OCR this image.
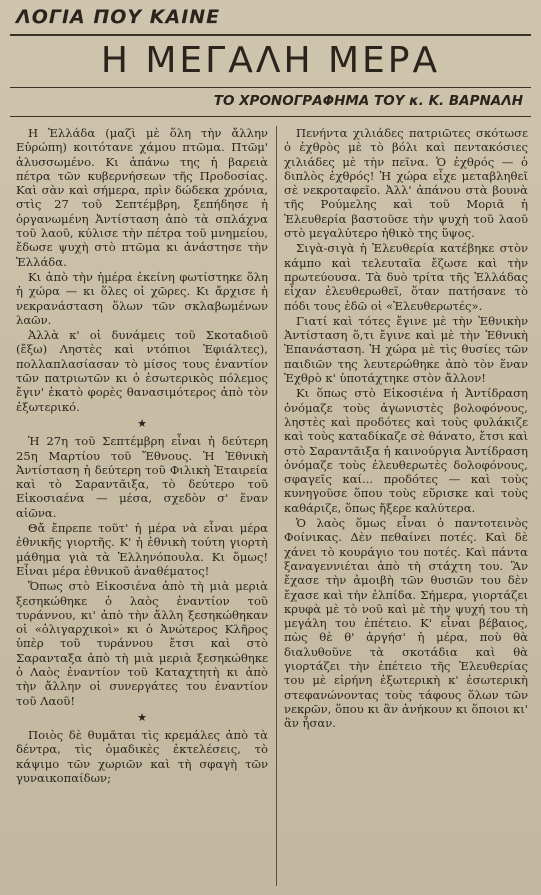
ΛΟΓΙΑ ΠΟΥ ΚΑΙΝΕ
Η ΜΕΓΑΛΗ ΜΕΡΑ
ΤΟ ΧΡΟΝΟΓΡΑΦΗΜΑ ΤΟΥ κ. Κ. ΒΑΡΝΑΛΗ

Η Ἑλλάδα (μαζὶ μὲ ὅλη τὴν ἄλλην Εὐρώπη) κοιτότανε χάμου πτῶμα. Πτῶμ' ἀλυσσωμένο. Κι ἀπάνω της ἡ βαρειὰ πέτρα τῶν κυβερνήσεων τῆς Προδοσίας. Καὶ σὰν καὶ σήμερα, πρὶν δώδεκα χρόνια, στὶς 27 τοῦ Σεπτέμβρη, ξεπήδησε ἡ ὀργανωμένη Ἀντίσταση ἀπὸ τὰ σπλάχνα τοῦ λαοῦ, κύλισε τὴν πέτρα τοῦ μνημείου, ἔδωσε ψυχὴ στὸ πτῶμα κι ἀνάστησε τὴν Ἑλλάδα.

Κι ἀπὸ τὴν ἡμέρα ἐκείνη φωτίστηκε ὅλη ἡ χώρα — κι ὅλες οἱ χῶρες. Κι ἄρχισε ἡ νεκρανάσταση ὅλων τῶν σκλαβωμένων λαῶν.

Ἀλλὰ κ' οἱ δυνάμεις τοῦ Σκοταδιοῦ (ἔξω) Ληστὲς καὶ ντόπιοι Ἐφιάλτες), πολλαπλασίασαν τὸ μίσος τους ἐναντίον τῶν πατριωτῶν κι ὁ ἐσωτερικὸς πόλεμος ἔγιν' ἑκατὸ φορὲς θανασιμότερος ἀπὸ τὸν ἐξωτερικό.

★

Ἡ 27η τοῦ Σεπτέμβρη εἶναι ἡ δεύτερη 25η Μαρτίου τοῦ Ἔθνους. Ἡ Ἐθνικὴ Ἀντίσταση ἡ δεύτερη τοῦ Φιλικὴ Ἑταιρεία καὶ τὸ Σαραντᾶιξα, τὸ δεύτερο τοῦ Εἰκοσιαένα — μέσα, σχεδὸν σ' ἕναν αἰῶνα.

Θἄ ἔπρεπε τοῦτ' ἡ μέρα νὰ εἶναι μέρα ἐθνικῆς γιορτῆς. Κ' ἡ ἐθνικὴ τούτη γιορτὴ μάθημα γιὰ τὰ Ἑλληνόπουλα. Κι ὅμως! Εἶναι μέρα ἐθνικοῦ ἀναθέματος!

Ὅπως στὸ Εἰκοσιένα ἀπὸ τὴ μιὰ μεριὰ ξεσηκώθηκε ὁ λαὸς ἐναντίον τοῦ τυράννου, κι' ἀπὸ τὴν ἄλλη ξεσηκώθηκαν οἱ «ὀλιγαρχικοὶ» κι ὁ Ἀνώτερος Κλῆρος ὑπὲρ τοῦ τυράννου ἔτσι καὶ στὸ Σαρανταξα ἀπὸ τὴ μιὰ μεριὰ ξεσηκώθηκε ὁ Λαὸς ἐναντίον τοῦ Καταχτητὴ κι ἀπὸ τὴν ἄλλην οἱ συνεργάτες του ἐναντίον τοῦ Λαοῦ!

★

Ποιὸς δὲ θυμᾶται τὶς κρεμάλες ἀπὸ τὰ δέντρα, τὶς ὁμαδικὲς ἐκτελέσεις, τὸ κάψιμο τῶν χωριῶν καὶ τὴ σφαγὴ τῶν γυναικοπαίδων;

Πενήντα χιλιάδες πατριῶτες σκότωσε ὁ ἐχθρὸς μὲ τὸ βόλι καὶ πεντακόσιες χιλιάδες μὲ τὴν πεῖνα. Ὁ ἐχθρός — ὁ διπλὸς ἐχθρός! Ἡ χώρα εἶχε μεταβληθεῖ σὲ νεκροταφεῖο. Ἀλλ' ἀπάνου στὰ βουνὰ τῆς Ρούμελης καὶ τοῦ Μοριᾶ ἡ Ἐλευθερία βαστοῦσε τὴν ψυχὴ τοῦ λαοῦ στὸ μεγαλύτερο ἠθικὸ της ὕψος.

Σιγὰ-σιγὰ ἡ Ἐλευθερία κατέβηκε στὸν κάμπο καὶ τελευταῖα ἔζωσε καὶ τὴν πρωτεύουσα. Τὰ δυὸ τρίτα τῆς Ἑλλάδας εἶχαν ἐλευθερωθεῖ, ὅταν πατήσανε τὸ πόδι τους ἐδῶ οἱ «Ἐλευθερωτές».

Γιατί καὶ τότες ἔγινε μὲ τὴν Ἐθνικὴν Ἀντίσταση ὅ,τι ἔγινε καὶ μὲ τὴν Ἐθνικὴ Ἐπανάσταση. Ἡ χώρα μὲ τὶς θυσίες τῶν παιδιῶν της λευτερώθηκε ἀπὸ τὸν ἕναν Ἐχθρὸ κ' ὑποτάχτηκε στὸν ἄλλον!

Κι ὅπως στὸ Εἰκοσιένα ἡ Ἀντίδραση ὀνόμαζε τοὺς ἀγωνιστὲς βολοφόνους, ληστὲς καὶ προδότες καὶ τοὺς φυλάκιζε καὶ τοὺς καταδίκαζε σὲ θάνατο, ἔτσι καὶ στὸ Σαραντᾶιξα ἡ καινούργια Ἀντίδραση ὀνόμαζε τοὺς ἐλευθερωτὲς δολοφόνους, σφαγεῖς καί... προδότες — καὶ τοὺς κυνηγοῦσε ὅπου τοὺς εὕρισκε καὶ τοὺς καθάριζε, ὅπως ἤξερε καλύτερα.

Ὁ λαὸς ὅμως εἶναι ὁ παντοτεινὸς Φοίνικας. Δὲν πεθαίνει ποτές. Καὶ δὲ χάνει τὸ κουράγιο του ποτές. Καὶ πάντα ξαναγεννιέται ἀπὸ τὴ στάχτη του. Ἂν ἔχασε τὴν ἀμοιβὴ τῶν θυσιῶν του δὲν ἔχασε καὶ τὴν ἐλπίδα. Σήμερα, γιορτάζει κρυφὰ μὲ τὸ νοῦ καὶ μὲ τὴν ψυχή του τὴ μεγάλη του ἐπέτειο. Κ' εἶναι βέβαιος, πὼς θὲ θ' ἀργήσ' ἡ μέρα, ποὺ θὰ διαλυθοῦνε τὰ σκοτάδια καὶ θὰ γιορτάζει τὴν ἐπέτειο τῆς Ἐλευθερίας του μὲ εἰρήνη ἐξωτερικὴ κ' ἐσωτερικὴ στεφανώνοντας τοὺς τάφους ὅλων τῶν νεκρῶν, ὅπου κι ἂν ἀνήκουν κι ὅποιοι κι' ἂν ἦσαν.
